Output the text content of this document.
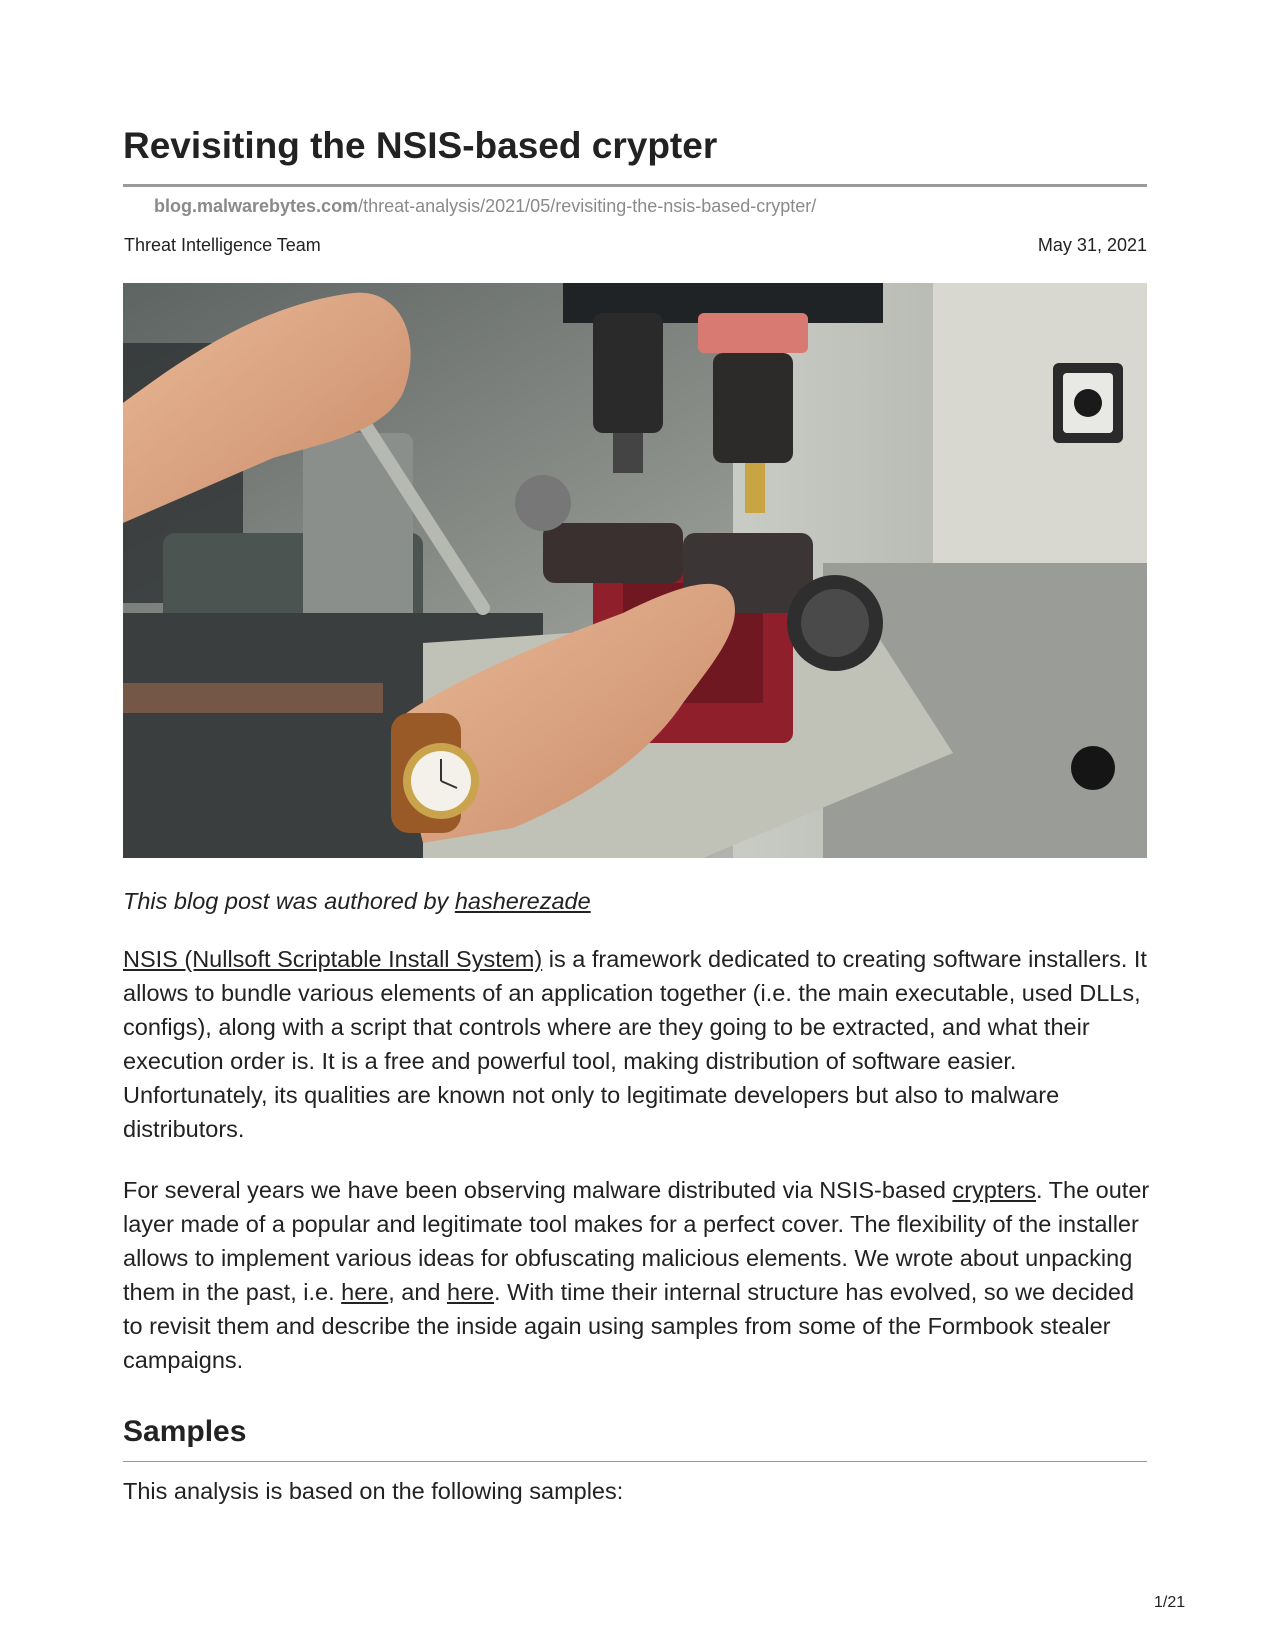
Revisiting the NSIS-based crypter
blog.malwarebytes.com/threat-analysis/2021/05/revisiting-the-nsis-based-crypter/
Threat Intelligence Team	May 31, 2021

This blog post was authored by hasherezade

NSIS (Nullsoft Scriptable Install System) is a framework dedicated to creating software installers. It allows to bundle various elements of an application together (i.e. the main executable, used DLLs, configs), along with a script that controls where are they going to be extracted, and what their execution order is. It is a free and powerful tool, making distribution of software easier. Unfortunately, its qualities are known not only to legitimate developers but also to malware distributors.

For several years we have been observing malware distributed via NSIS-based crypters. The outer layer made of a popular and legitimate tool makes for a perfect cover. The flexibility of the installer allows to implement various ideas for obfuscating malicious elements. We wrote about unpacking them in the past, i.e. here, and here. With time their internal structure has evolved, so we decided to revisit them and describe the inside again using samples from some of the Formbook stealer campaigns.

Samples

This analysis is based on the following samples:

1/21
